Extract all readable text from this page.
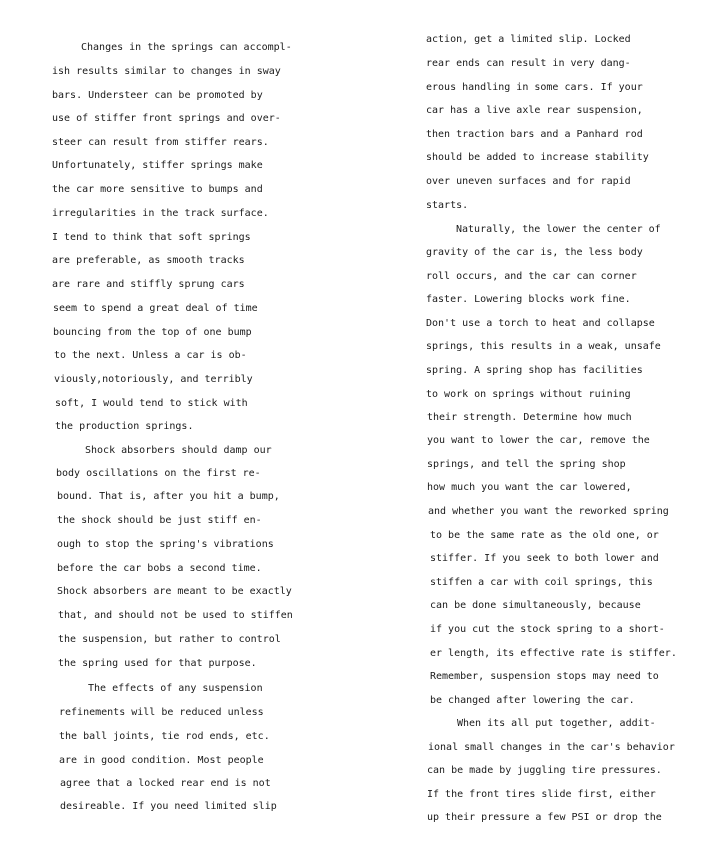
Changes in the springs can accompl-
ish results similar to changes in sway
bars. Understeer can be promoted by
use of stiffer front springs and over-
steer can result from stiffer rears.
Unfortunately, stiffer springs make
the car more sensitive to bumps and
irregularities in the track surface.
I tend to think that soft springs
are preferable, as smooth tracks
are rare and stiffly sprung cars
seem to spend a great deal of time
bouncing from the top of one bump
to the next. Unless a car is ob-
viously,notoriously, and terribly
soft, I would tend to stick with
the production springs.
Shock absorbers should damp our
body oscillations on the first re-
bound. That is, after you hit a bump,
the shock should be just stiff en-
ough to stop the spring's vibrations
before the car bobs a second time.
Shock absorbers are meant to be exactly
that, and should not be used to stiffen
the suspension, but rather to control
the spring used for that purpose.
The effects of any suspension
refinements will be reduced unless
the ball joints, tie rod ends, etc.
are in good condition. Most people
agree that a locked rear end is not
desireable. If you need limited slip
action, get a limited slip. Locked
rear ends can result in very dang-
erous handling in some cars. If your
car has a live axle rear suspension,
then traction bars and a Panhard rod
should be added to increase stability
over uneven surfaces and for rapid
starts.
Naturally, the lower the center of
gravity of the car is, the less body
roll occurs, and the car can corner
faster. Lowering blocks work fine.
Don't use a torch to heat and collapse
springs, this results in a weak, unsafe
spring. A spring shop has facilities
to work on springs without ruining
their strength. Determine how much
you want to lower the car, remove the
springs, and tell the spring shop
how much you want the car lowered,
and whether you want the reworked spring
to be the same rate as the old one, or
stiffer. If you seek to both lower and
stiffen a car with coil springs, this
can be done simultaneously, because
if you cut the stock spring to a short-
er length, its effective rate is stiffer.
Remember, suspension stops may need to
be changed after lowering the car.
When its all put together, addit-
ional small changes in the car's behavior
can be made by juggling tire pressures.
If the front tires slide first, either
up their pressure a few PSI or drop the
